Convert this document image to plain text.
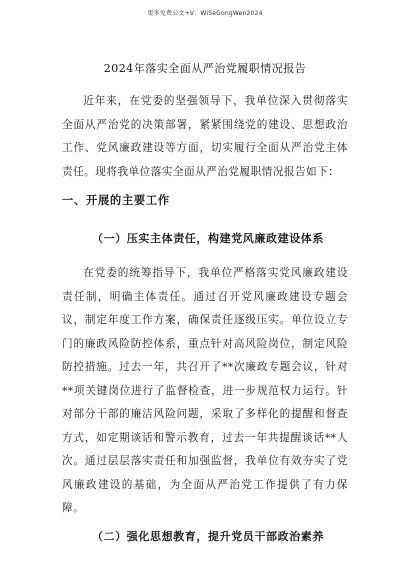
更多免费公文+V：WiSeGongWen2024
2024年落实全面从严治党履职情况报告

近年来，在党委的坚强领导下，我单位深入贯彻落实全面从严治党的决策部署，紧紧围绕党的建设、思想政治工作、党风廉政建设等方面，切实履行全面从严治党主体责任。现将我单位落实全面从严治党履职情况报告如下：

一、开展的主要工作
（一）压实主体责任，构建党风廉政建设体系

在党委的统筹指导下，我单位严格落实党风廉政建设责任制，明确主体责任。通过召开党风廉政建设专题会议，制定年度工作方案，确保责任逐级压实。单位设立专门的廉政风险防控体系，重点针对高风险岗位，制定风险防控措施。过去一年，共召开了**次廉政专题会议，针对**项关键岗位进行了监督检查，进一步规范权力运行。针对部分干部的廉洁风险问题，采取了多样化的提醒和督查方式，如定期谈话和警示教育，过去一年共提醒谈话**人次。通过层层落实责任和加强监督，我单位有效夯实了党风廉政建设的基础，为全面从严治党工作提供了有力保障。

（二）强化思想教育，提升党员干部政治素养
